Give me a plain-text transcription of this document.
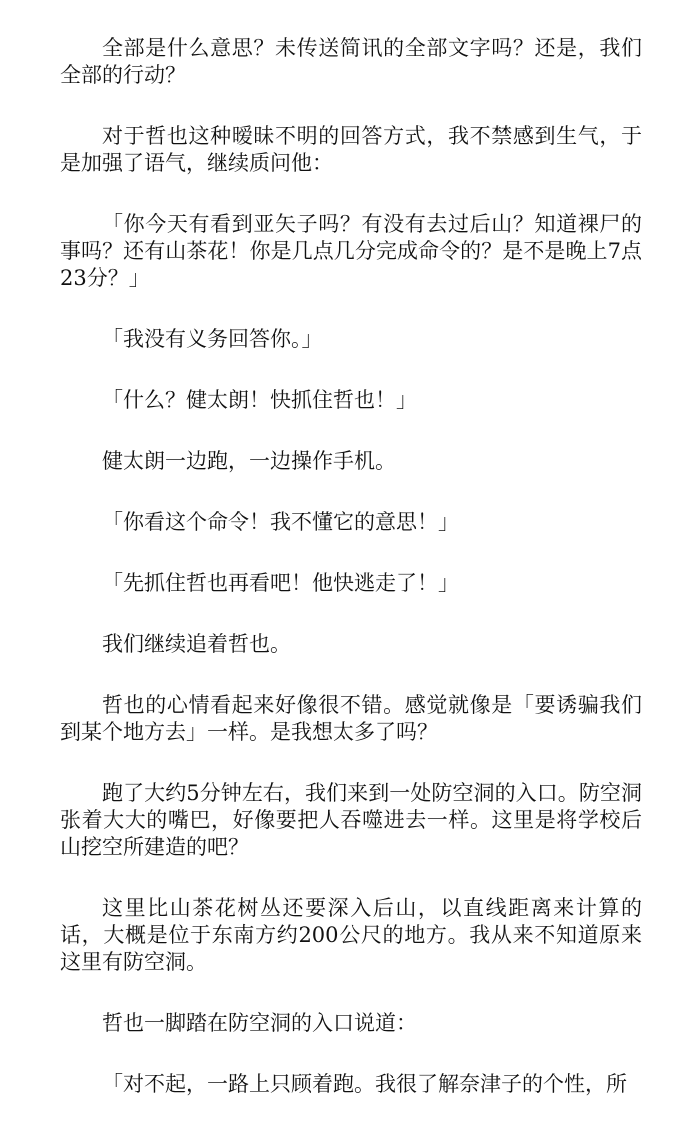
全部是什么意思？未传送简讯的全部文字吗？还是，我们全部的行动？

对于哲也这种暧昧不明的回答方式，我不禁感到生气，于是加强了语气，继续质问他：

「你今天有看到亚矢子吗？有没有去过后山？知道裸尸的事吗？还有山茶花！你是几点几分完成命令的？是不是晚上7点23分？」

「我没有义务回答你。」

「什么？健太朗！快抓住哲也！」

健太朗一边跑，一边操作手机。

「你看这个命令！我不懂它的意思！」

「先抓住哲也再看吧！他快逃走了！」

我们继续追着哲也。

哲也的心情看起来好像很不错。感觉就像是「要诱骗我们到某个地方去」一样。是我想太多了吗？

跑了大约5分钟左右，我们来到一处防空洞的入口。防空洞张着大大的嘴巴，好像要把人吞噬进去一样。这里是将学校后山挖空所建造的吧？

这里比山茶花树丛还要深入后山，以直线距离来计算的话，大概是位于东南方约200公尺的地方。我从来不知道原来这里有防空洞。

哲也一脚踏在防空洞的入口说道：

「对不起，一路上只顾着跑。我很了解奈津子的个性，所
